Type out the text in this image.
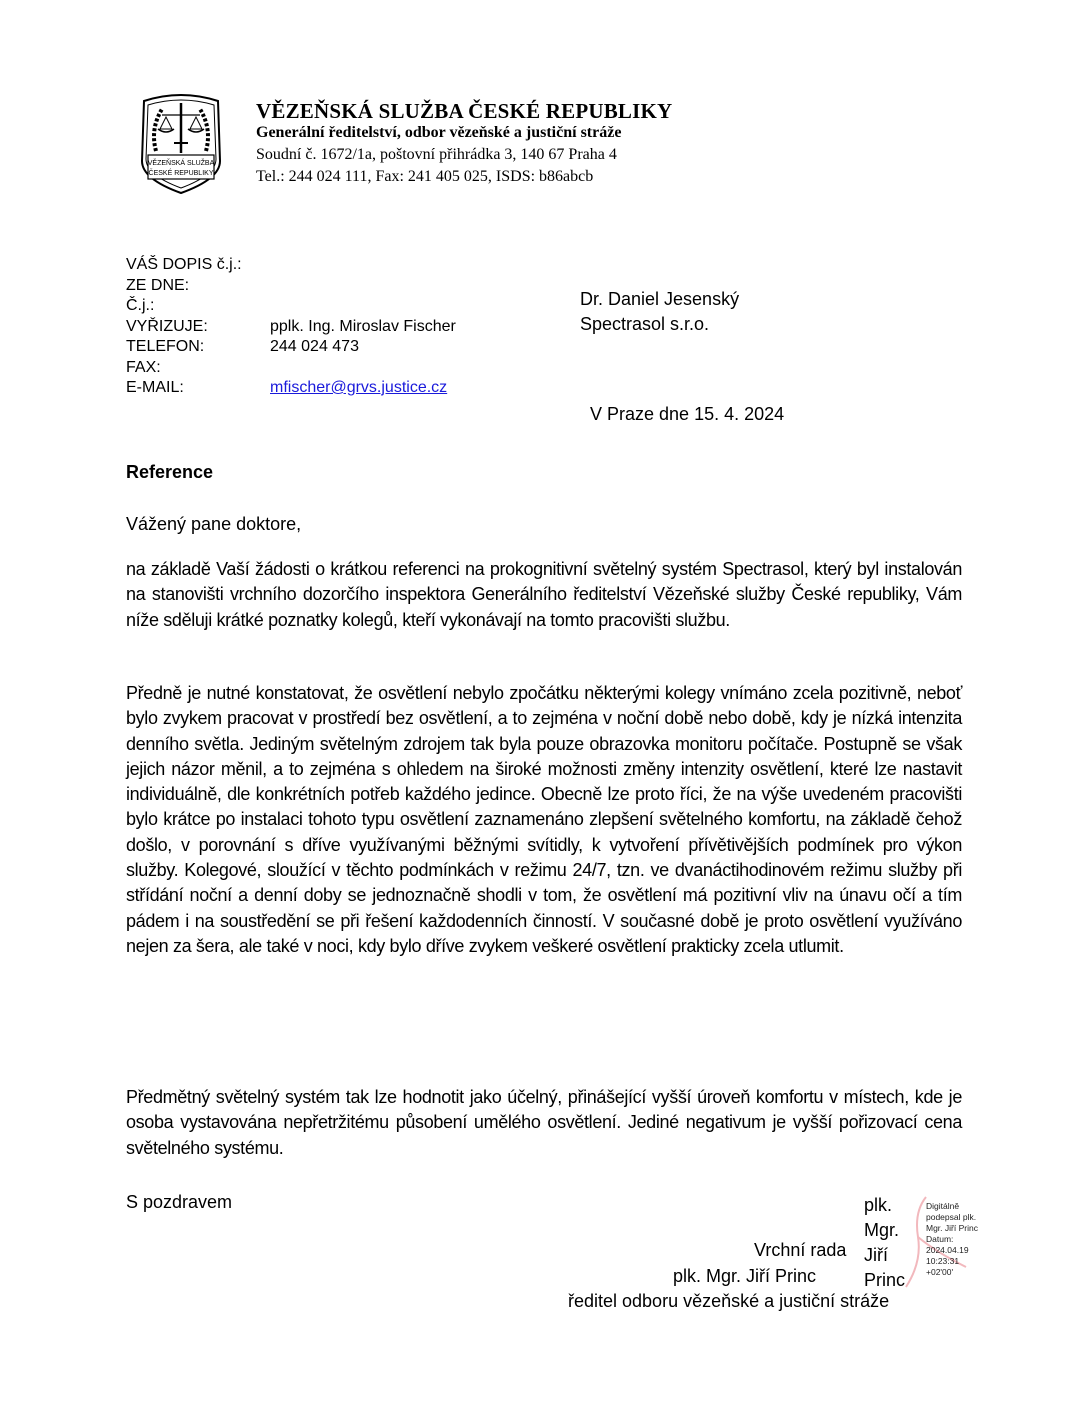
VĚZEŇSKÁ SLUŽBA
ČESKÉ REPUBLIKY
VĚZEŇSKÁ SLUŽBA ČESKÉ REPUBLIKY
Generální ředitelství, odbor vězeňské a justiční stráže
Soudní č. 1672/1a, poštovní přihrádka 3, 140 67 Praha 4
Tel.: 244 024 111, Fax: 241 405 025, ISDS: b86abcb
VÁŠ DOPIS č.j.:
ZE DNE:
Č.j.:
VYŘIZUJE:	pplk. Ing. Miroslav Fischer
TELEFON:	244 024 473
FAX:
E-MAIL:	mfischer@grvs.justice.cz
Dr. Daniel Jesenský
Spectrasol s.r.o.
V Praze dne 15. 4. 2024
Reference
Vážený pane doktore,
na základě Vaší žádosti o krátkou referenci na prokognitivní světelný systém Spectrasol, který byl instalován na stanovišti vrchního dozorčího inspektora Generálního ředitelství Vězeňské služby České republiky, Vám níže sděluji krátké poznatky kolegů, kteří vykonávají na tomto pracovišti službu.
Předně je nutné konstatovat, že osvětlení nebylo zpočátku některými kolegy vnímáno zcela pozitivně, neboť bylo zvykem pracovat v prostředí bez osvětlení, a to zejména v noční době nebo době, kdy je nízká intenzita denního světla. Jediným světelným zdrojem tak byla pouze obrazovka monitoru počítače. Postupně se však jejich názor měnil, a to zejména s ohledem na široké možnosti změny intenzity osvětlení, které lze nastavit individuálně, dle konkrétních potřeb každého jedince. Obecně lze proto říci, že na výše uvedeném pracovišti bylo krátce po instalaci tohoto typu osvětlení zaznamenáno zlepšení světelného komfortu, na základě čehož došlo, v porovnání s dříve využívanými běžnými svítidly, k vytvoření přívětivějších podmínek pro výkon služby. Kolegové, sloužící v těchto podmínkách v režimu 24/7, tzn. ve dvanáctihodinovém režimu služby při střídání noční a denní doby se jednoznačně shodli v tom, že osvětlení má pozitivní vliv na únavu očí a tím pádem i na soustředění se při řešení každodenních činností. V současné době je proto osvětlení využíváno nejen za šera, ale také v noci, kdy bylo dříve zvykem veškeré osvětlení prakticky zcela utlumit.
Předmětný světelný systém tak lze hodnotit jako účelný, přinášející vyšší úroveň komfortu v místech, kde je osoba vystavována nepřetržitému působení umělého osvětlení. Jediné negativum je vyšší pořizovací cena světelného systému.
S pozdravem
Vrchní rada
plk. Mgr. Jiří Princ
ředitel odboru vězeňské a justiční stráže
plk.
Mgr.
Jiří
Princ
Digitálně
podepsal plk.
Mgr. Jiří Princ
Datum:
2024.04.19
10:23:31
+02'00'
